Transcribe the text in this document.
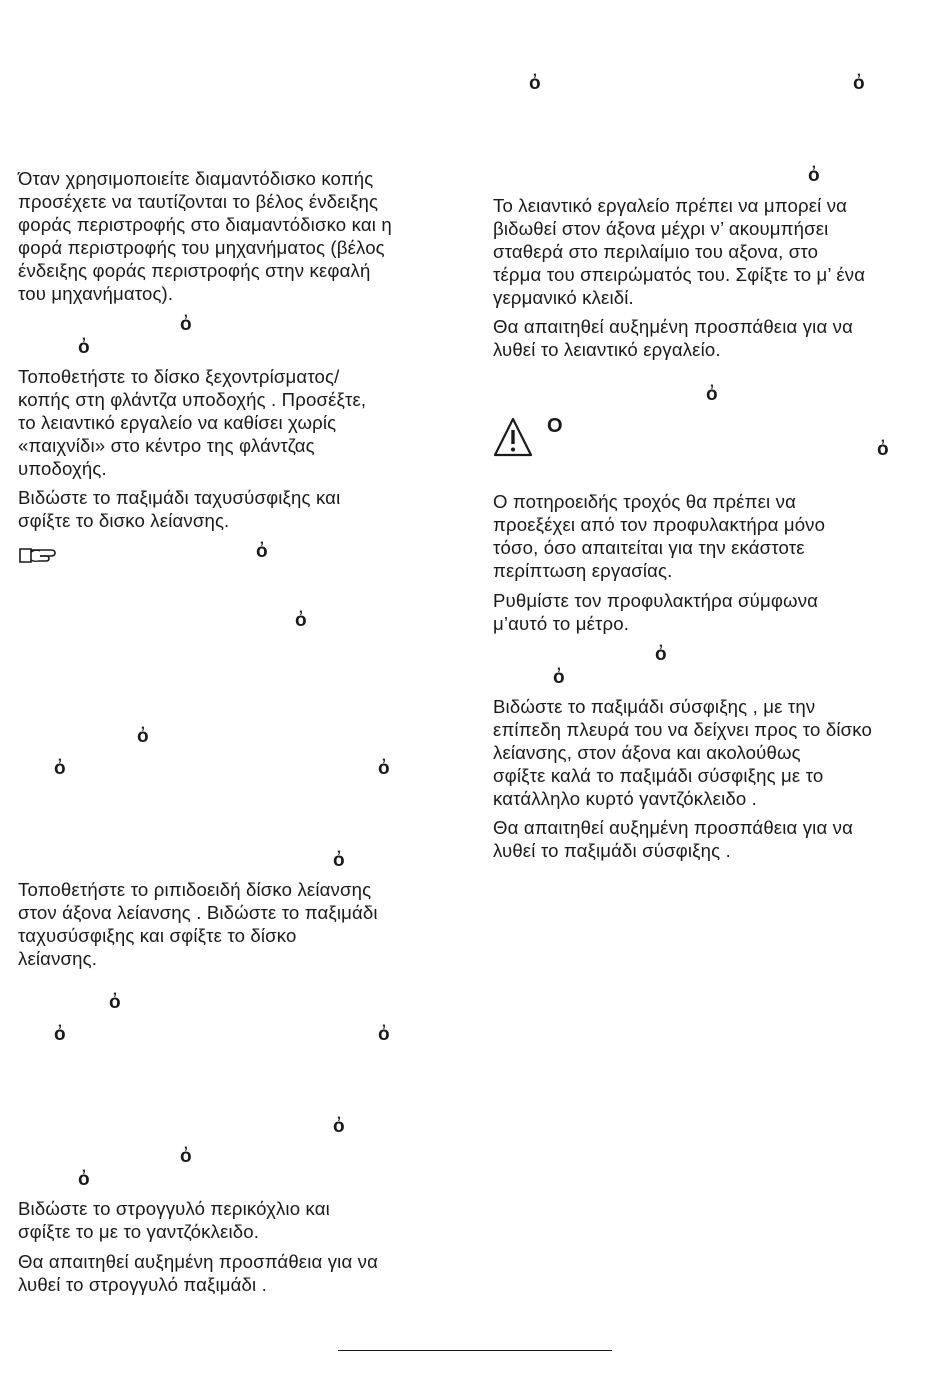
Όταν χρησιμοποιείτε διαμαντόδισκο κοπής
προσέχετε να ταυτίζονται το βέλος ένδειξης
φοράς περιστροφής στο διαμαντόδισκο και η
φορά περιστροφής του μηχανήματος (βέλος
ένδειξης φοράς περιστροφής στην κεφαλή
του μηχανήματος).

ὀ
ὀ

Τοποθετήστε το δίσκο ξεχοντρίσματος/
κοπής στη φλάντζα υποδοχής . Προσέξτε,
το λειαντικό εργαλείο να καθίσει χωρίς
«παιχνίδι» στο κέντρο της φλάντζας
υποδοχής.

Βιδώστε το παξιμάδι ταχυσύσφιξης και
σφίξτε το δισκο λείανσης.

ὀ
ὀ
ὀ
ὀ	ὀ
ὀ

Τοποθετήστε το ριπιδοειδή δίσκο λείανσης
στον άξονα λείανσης . Βιδώστε το παξιμάδι
ταχυσύσφιξης και σφίξτε το δίσκο
λείανσης.

ὀ
ὀ	ὀ
ὀ
ὀ
ὀ

Βιδώστε το στρογγυλό περικόχλιο και
σφίξτε το με το γαντζόκλειδο.

Θα απαιτηθεί αυξημένη προσπάθεια για να
λυθεί το στρογγυλό παξιμάδι .

ὀ	ὀ
ὀ

Το λειαντικό εργαλείο πρέπει να μπορεί να
βιδωθεί στον άξονα μέχρι ν’ ακουμπήσει
σταθερά στο περιλαίμιο του αξονα, στο
τέρμα του σπειρώματός του. Σφίξτε το μ’ ένα
γερμανικό κλειδί.

Θα απαιτηθεί αυξημένη προσπάθεια για να
λυθεί το λειαντικό εργαλείο.

ὀ
Ο
ὀ

Ο ποτηροειδής τροχός θα πρέπει να
προεξέχει από τον προφυλακτήρα μόνο
τόσο, όσο απαιτείται για την εκάστοτε
περίπτωση εργασίας.

Ρυθμίστε τον προφυλακτήρα σύμφωνα
μ’αυτό το μέτρο.

ὀ
ὀ

Βιδώστε το παξιμάδι σύσφιξης , με την
επίπεδη πλευρά του να δείχνει προς το δίσκο
λείανσης, στον άξονα και ακολούθως
σφίξτε καλά το παξιμάδι σύσφιξης με το
κατάλληλο κυρτό γαντζόκλειδο .

Θα απαιτηθεί αυξημένη προσπάθεια για να
λυθεί το παξιμάδι σύσφιξης .
